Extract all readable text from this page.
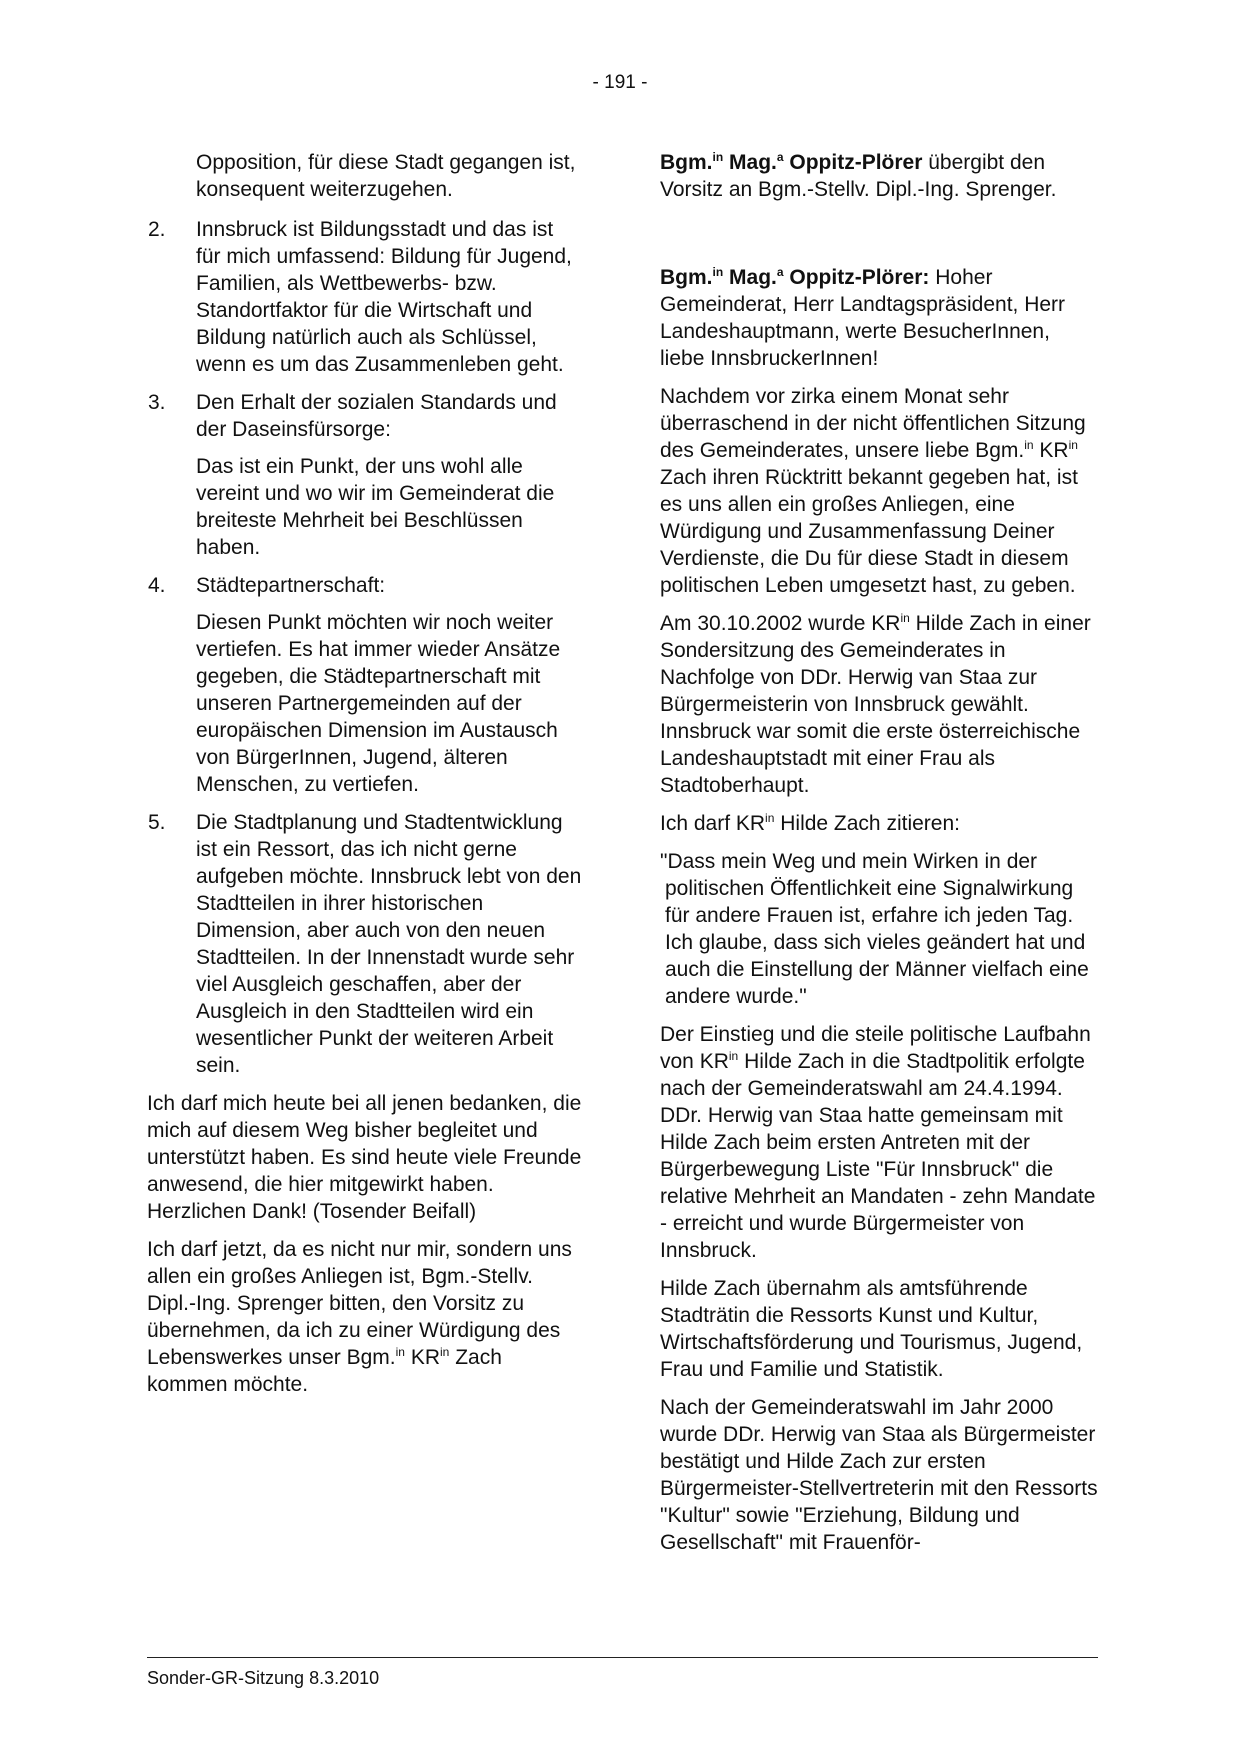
- 191 -

Opposition, für diese Stadt gegangen ist, konsequent weiterzugehen.

2. Innsbruck ist Bildungsstadt und das ist für mich umfassend: Bildung für Jugend, Familien, als Wettbewerbs- bzw. Standortfaktor für die Wirtschaft und Bildung natürlich auch als Schlüssel, wenn es um das Zusammenleben geht.
3. Den Erhalt der sozialen Standards und der Daseinsfürsorge:
Das ist ein Punkt, der uns wohl alle vereint und wo wir im Gemeinderat die breiteste Mehrheit bei Beschlüssen haben.
4. Städtepartnerschaft:
Diesen Punkt möchten wir noch weiter vertiefen. Es hat immer wieder Ansätze gegeben, die Städtepartnerschaft mit unseren Partnergemeinden auf der europäischen Dimension im Austausch von BürgerInnen, Jugend, älteren Menschen, zu vertiefen.
5. Die Stadtplanung und Stadtentwicklung ist ein Ressort, das ich nicht gerne aufgeben möchte. Innsbruck lebt von den Stadtteilen in ihrer historischen Dimension, aber auch von den neuen Stadtteilen. In der Innenstadt wurde sehr viel Ausgleich geschaffen, aber der Ausgleich in den Stadtteilen wird ein wesentlicher Punkt der weiteren Arbeit sein.

Ich darf mich heute bei all jenen bedanken, die mich auf diesem Weg bisher begleitet und unterstützt haben. Es sind heute viele Freunde anwesend, die hier mitgewirkt haben. Herzlichen Dank! (Tosender Beifall)

Ich darf jetzt, da es nicht nur mir, sondern uns allen ein großes Anliegen ist, Bgm.-Stellv. Dipl.-Ing. Sprenger bitten, den Vorsitz zu übernehmen, da ich zu einer Würdigung des Lebenswerkes unser Bgm.$^{in}$ $KR^{in}$ Zach kommen möchte.

Bgm.$^{in}$ Mag.$^a$ Oppitz-Plörer übergibt den Vorsitz an Bgm.-Stellv. Dipl.-Ing. Sprenger.

Bgm.$^{in}$ Mag.$^a$ Oppitz-Plörer: Hoher Gemeinderat, Herr Landtagspräsident, Herr Landeshauptmann, werte BesucherInnen, liebe InnsbruckerInnen!

Nachdem vor zirka einem Monat sehr überraschend in der nicht öffentlichen Sitzung des Gemeinderates, unsere liebe Bgm.$^{in}$ $KR^{in}$ Zach ihren Rücktritt bekannt gegeben hat, ist es uns allen ein großes Anliegen, eine Würdigung und Zusammenfassung Deiner Verdienste, die Du für diese Stadt in diesem politischen Leben umgesetzt hast, zu geben.

Am 30.10.2002 wurde $KR^{in}$ Hilde Zach in einer Sondersitzung des Gemeinderates in Nachfolge von DDr. Herwig van Staa zur Bürgermeisterin von Innsbruck gewählt. Innsbruck war somit die erste österreichische Landeshauptstadt mit einer Frau als Stadtoberhaupt.

Ich darf $KR^{in}$ Hilde Zach zitieren:

"Dass mein Weg und mein Wirken in der politischen Öffentlichkeit eine Signalwirkung für andere Frauen ist, erfahre ich jeden Tag. Ich glaube, dass sich vieles geändert hat und auch die Einstellung der Männer vielfach eine andere wurde."

Der Einstieg und die steile politische Laufbahn von $KR^{in}$ Hilde Zach in die Stadtpolitik erfolgte nach der Gemeinderatswahl am 24.4.1994. DDr. Herwig van Staa hatte gemeinsam mit Hilde Zach beim ersten Antreten mit der Bürgerbewegung Liste "Für Innsbruck" die relative Mehrheit an Mandaten - zehn Mandate - erreicht und wurde Bürgermeister von Innsbruck.

Hilde Zach übernahm als amtsführende Stadträtin die Ressorts Kunst und Kultur, Wirtschaftsförderung und Tourismus, Jugend, Frau und Familie und Statistik.

Nach der Gemeinderatswahl im Jahr 2000 wurde DDr. Herwig van Staa als Bürgermeister bestätigt und Hilde Zach zur ersten Bürgermeister-Stellvertreterin mit den Ressorts "Kultur" sowie "Erziehung, Bildung und Gesellschaft" mit Frauenför-

Sonder-GR-Sitzung 8.3.2010
